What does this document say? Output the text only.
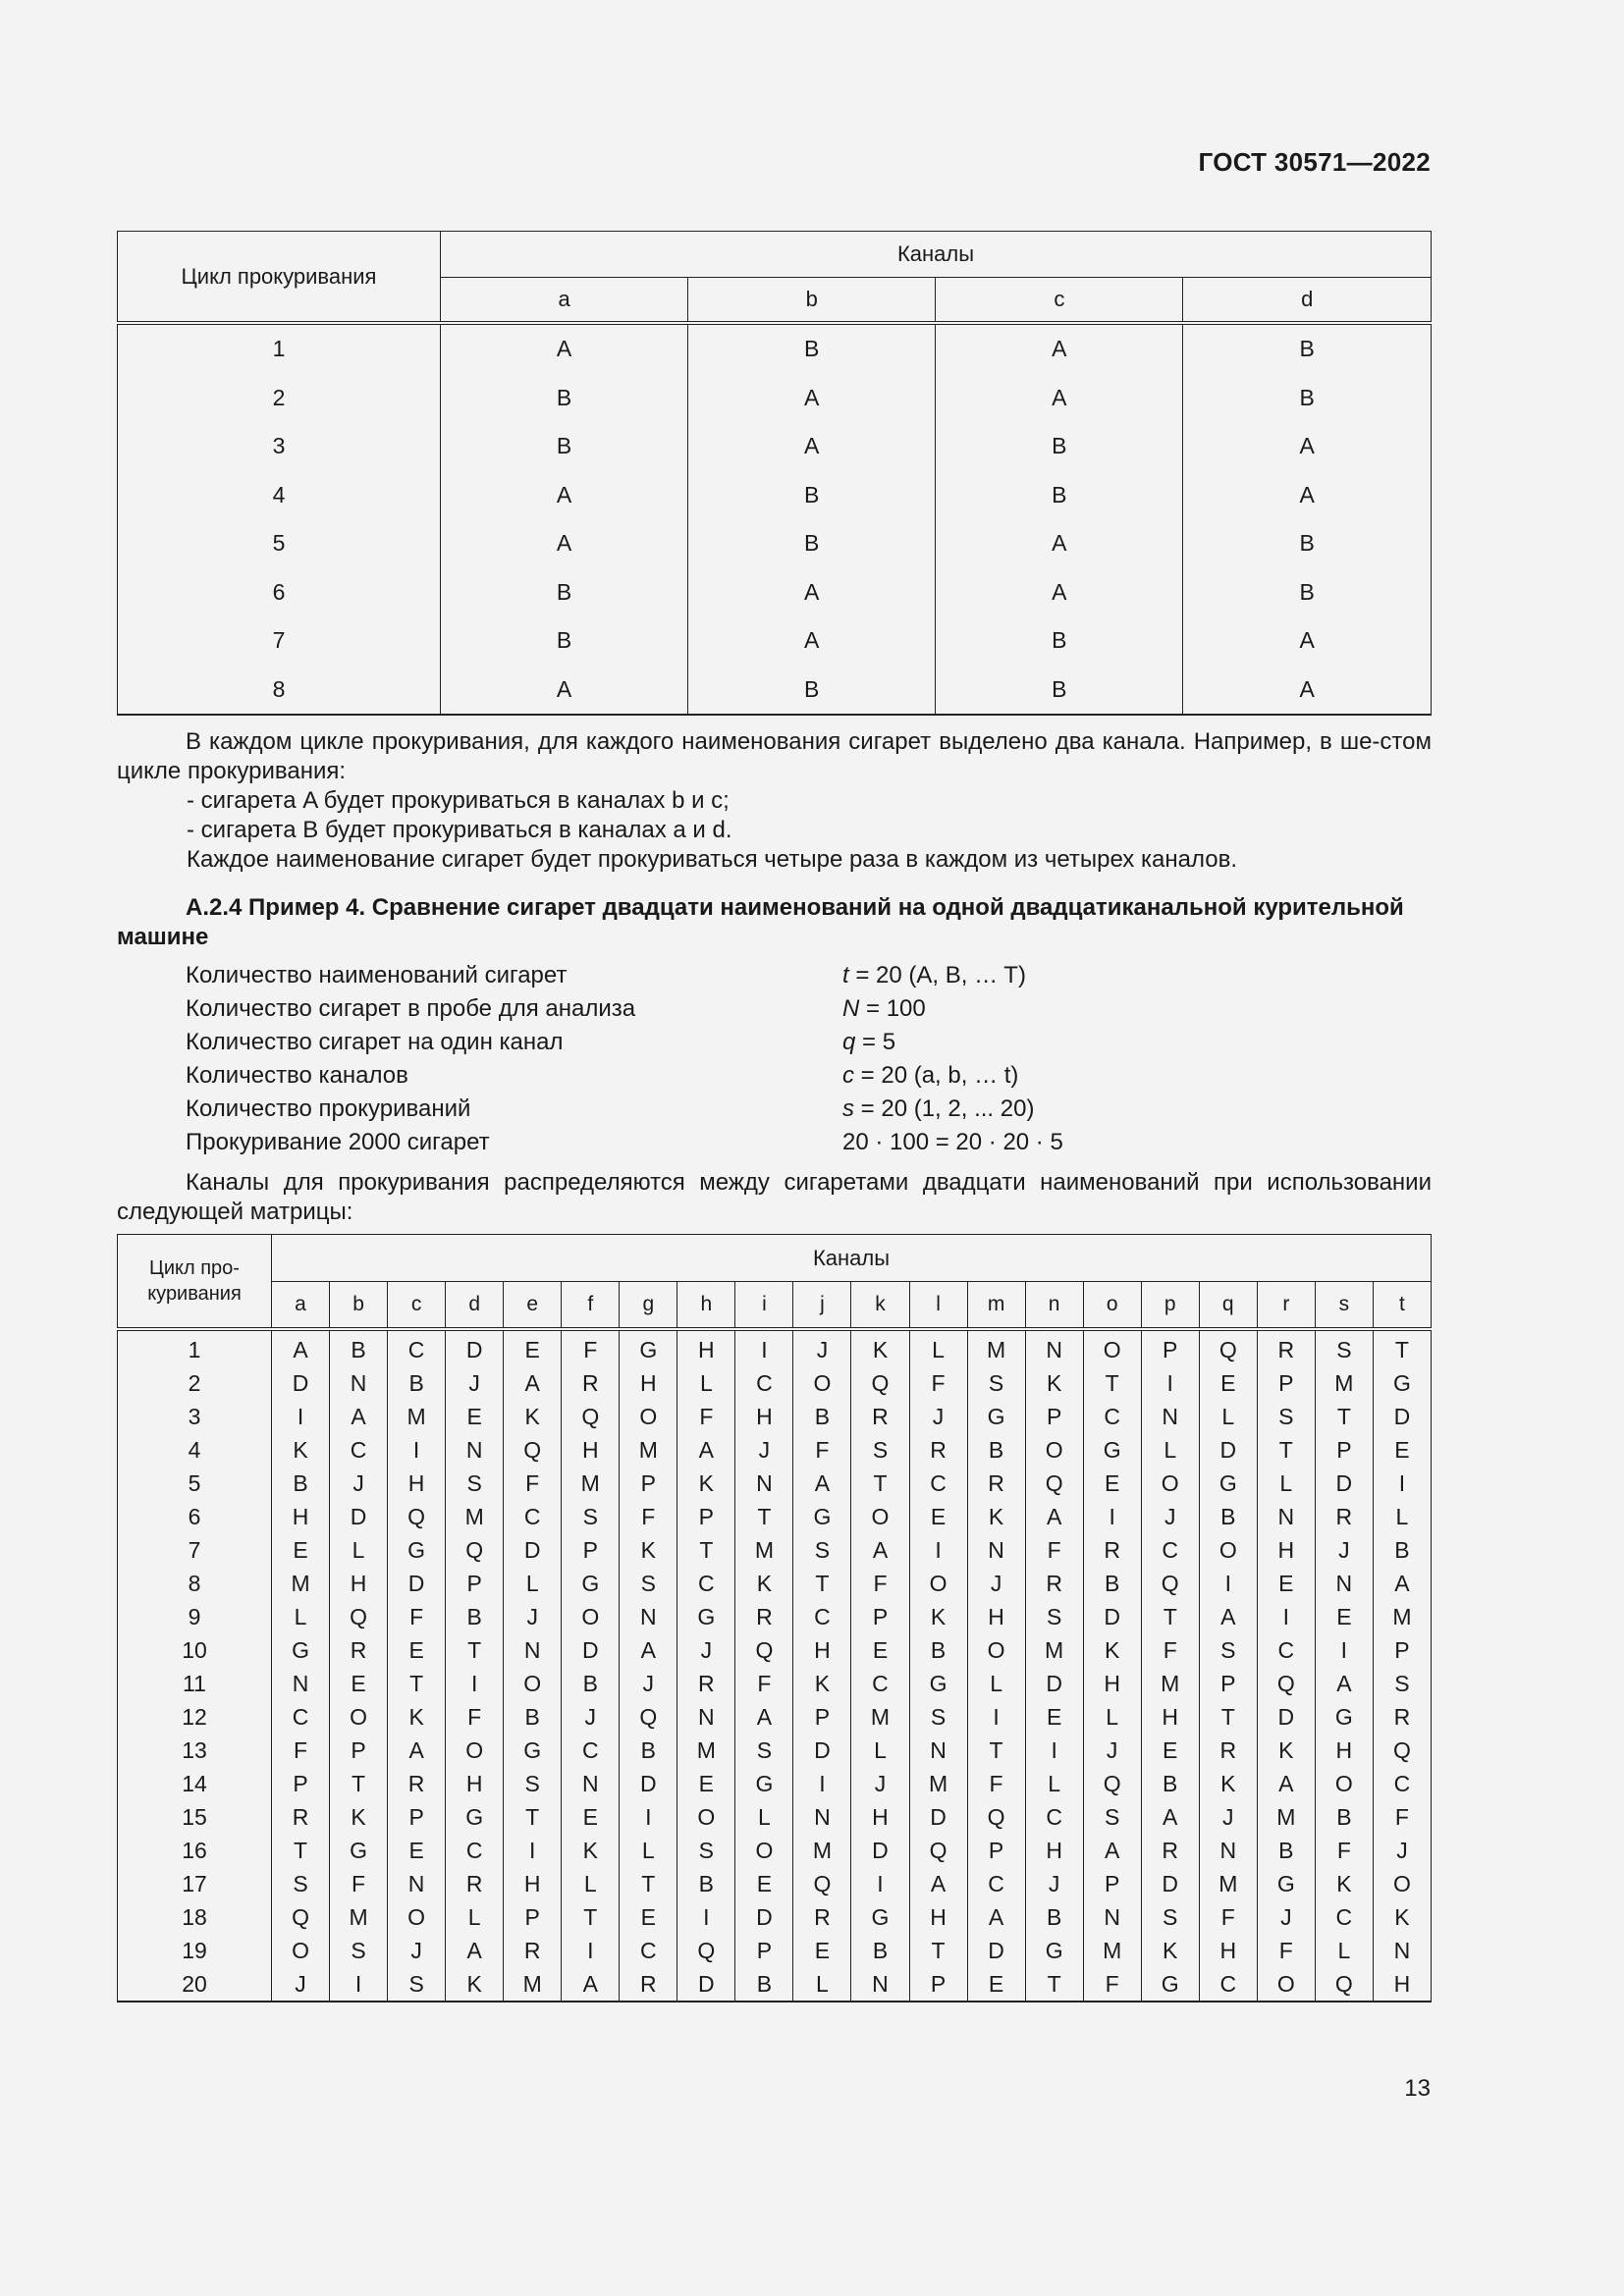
ГОСТ 30571—2022
Цикл прокуривания	Каналы			
	a	b	c	d
1	A	B	A	B
2	B	A	A	B
3	B	A	B	A
4	A	B	B	A
5	A	B	A	B
6	B	A	A	B
7	B	A	B	A
8	A	B	B	A
В каждом цикле прокуривания, для каждого наименования сигарет выделено два канала. Например, в ше-стом цикле прокуривания:
- сигарета A будет прокуриваться в каналах b и c;
- сигарета B будет прокуриваться в каналах a и d.
Каждое наименование сигарет будет прокуриваться четыре раза в каждом из четырех каналов.
A.2.4 Пример 4. Сравнение сигарет двадцати наименований на одной двадцатиканальной курительной машине
Количество наименований сигарет	t = 20 (A, B, … T)
Количество сигарет в пробе для анализа	N = 100
Количество сигарет на один канал	q = 5
Количество каналов	c = 20 (a, b, … t)
Количество прокуриваний	s = 20 (1, 2, ... 20)
Прокуривание 2000 сигарет	20 · 100 = 20 · 20 · 5
Каналы для прокуривания распределяются между сигаретами двадцати наименований при использовании следующей матрицы:
Цикл про-
куривания	Каналы																			
	a	b	c	d	e	f	g	h	i	j	k	l	m	n	o	p	q	r	s	t
1	A	B	C	D	E	F	G	H	I	J	K	L	M	N	O	P	Q	R	S	T
2	D	N	B	J	A	R	H	L	C	O	Q	F	S	K	T	I	E	P	M	G
3	I	A	M	E	K	Q	O	F	H	B	R	J	G	P	C	N	L	S	T	D
4	K	C	I	N	Q	H	M	A	J	F	S	R	B	O	G	L	D	T	P	E
5	B	J	H	S	F	M	P	K	N	A	T	C	R	Q	E	O	G	L	D	I
6	H	D	Q	M	C	S	F	P	T	G	O	E	K	A	I	J	B	N	R	L
7	E	L	G	Q	D	P	K	T	M	S	A	I	N	F	R	C	O	H	J	B
8	M	H	D	P	L	G	S	C	K	T	F	O	J	R	B	Q	I	E	N	A
9	L	Q	F	B	J	O	N	G	R	C	P	K	H	S	D	T	A	I	E	M
10	G	R	E	T	N	D	A	J	Q	H	E	B	O	M	K	F	S	C	I	P
11	N	E	T	I	O	B	J	R	F	K	C	G	L	D	H	M	P	Q	A	S
12	C	O	K	F	B	J	Q	N	A	P	M	S	I	E	L	H	T	D	G	R
13	F	P	A	O	G	C	B	M	S	D	L	N	T	I	J	E	R	K	H	Q
14	P	T	R	H	S	N	D	E	G	I	J	M	F	L	Q	B	K	A	O	C
15	R	K	P	G	T	E	I	O	L	N	H	D	Q	C	S	A	J	M	B	F
16	T	G	E	C	I	K	L	S	O	M	D	Q	P	H	A	R	N	B	F	J
17	S	F	N	R	H	L	T	B	E	Q	I	A	C	J	P	D	M	G	K	O
18	Q	M	O	L	P	T	E	I	D	R	G	H	A	B	N	S	F	J	C	K
19	O	S	J	A	R	I	C	Q	P	E	B	T	D	G	M	K	H	F	L	N
20	J	I	S	K	M	A	R	D	B	L	N	P	E	T	F	G	C	O	Q	H
13
